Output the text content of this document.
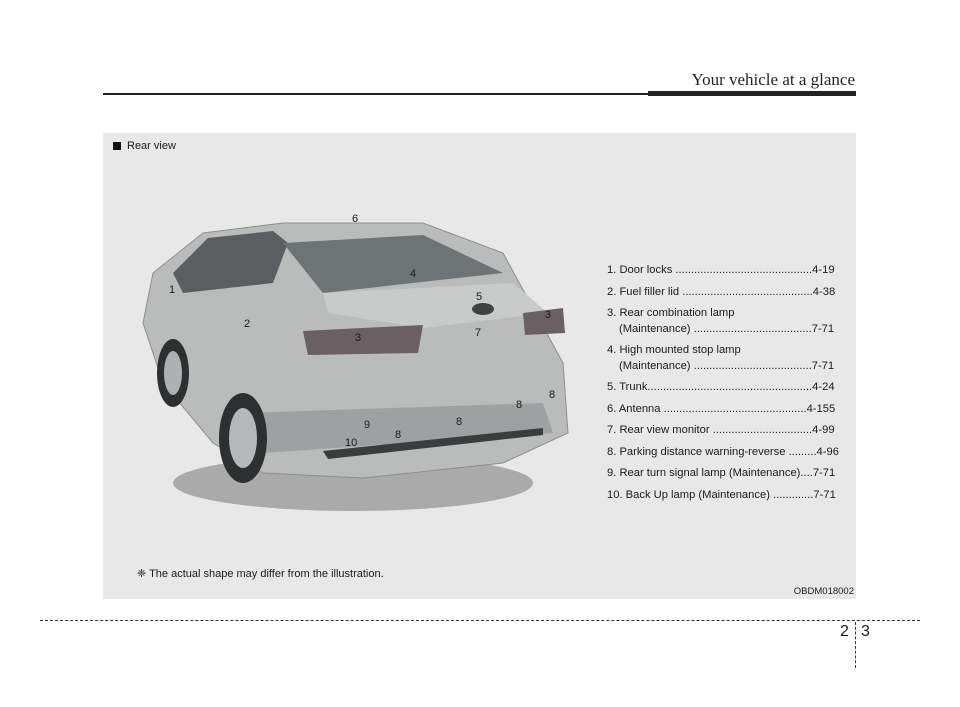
Your vehicle at a glance
Rear view
1
2
3
3
4
5
6
7
8
8
8
8
9
10
1. Door locks ............................................4-19
2. Fuel filler lid ..........................................4-38
3. Rear combination lamp
(Maintenance) ......................................7-71
4. High mounted stop lamp
(Maintenance) ......................................7-71
5. Trunk.....................................................4-24
6. Antenna ..............................................4-155
7. Rear view monitor ................................4-99
8. Parking distance warning-reverse .........4-96
9. Rear turn signal lamp (Maintenance)....7-71
10. Back Up lamp (Maintenance) .............7-71
❈ The actual shape may differ from the illustration.
OBDM018002
2 3
